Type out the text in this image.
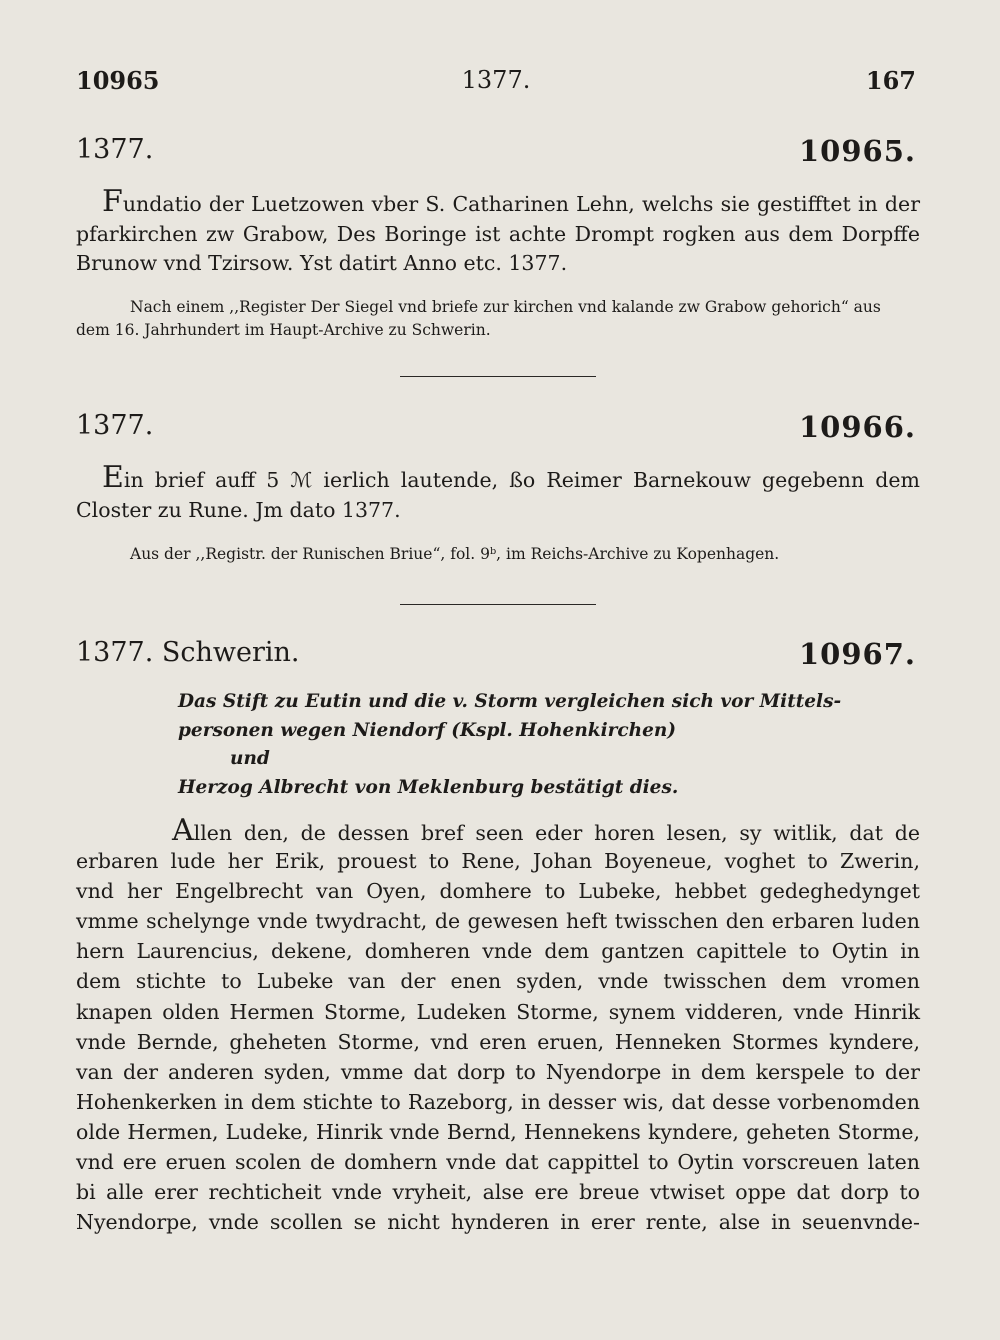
10965	1377.	167
1377.	10965.
Fundatio der Luetzowen vber S. Catharinen Lehn, welchs sie gestifftet in der pfarkirchen zw Grabow, Des Boringe ist achte Drompt rogken aus dem Dorpffe Brunow vnd Tzirsow. Yst datirt Anno etc. 1377.
Nach einem ,,Register Der Siegel vnd briefe zur kirchen vnd kalande zw Grabow gehorich“ aus dem 16. Jahrhundert im Haupt-Archive zu Schwerin.
1377.	10966.
Ein brief auff 5 ℳ ierlich lautende, ßo Reimer Barnekouw gegebenn dem Closter zu Rune. Jm dato 1377.
Aus der ,,Registr. der Runischen Briue“, fol. 9ᵇ, im Reichs-Archive zu Kopenhagen.
1377. Schwerin.	10967.
Das Stift zu Eutin und die v. Storm vergleichen sich vor Mittels-
personen wegen Niendorf (Kspl. Hohenkirchen)
und
Herzog Albrecht von Meklenburg bestätigt dies.
Allen den, de dessen bref seen eder horen lesen, sy witlik, dat de
erbaren lude her Erik, prouest to Rene, Johan Boyeneue, voghet to Zwerin,
vnd her Engelbrecht van Oyen, domhere to Lubeke, hebbet gedeghedynget
vmme schelynge vnde twydracht, de gewesen heft twisschen den erbaren luden
hern Laurencius, dekene, domheren vnde dem gantzen capittele to Oytin in
dem stichte to Lubeke van der enen syden, vnde twisschen dem vromen
knapen olden Hermen Storme, Ludeken Storme, synem vidderen, vnde Hinrik
vnde Bernde, gheheten Storme, vnd eren eruen, Henneken Stormes kyndere,
van der anderen syden, vmme dat dorp to Nyendorpe in dem kerspele to der
Hohenkerken in dem stichte to Razeborg, in desser wis, dat desse vorbenomden
olde Hermen, Ludeke, Hinrik vnde Bernd, Hennekens kyndere, geheten Storme,
vnd ere eruen scolen de domhern vnde dat cappittel to Oytin vorscreuen laten
bi alle erer rechticheit vnde vryheit, alse ere breue vtwiset oppe dat dorp to
Nyendorpe, vnde scollen se nicht hynderen in erer rente, alse in seuenvnde-
